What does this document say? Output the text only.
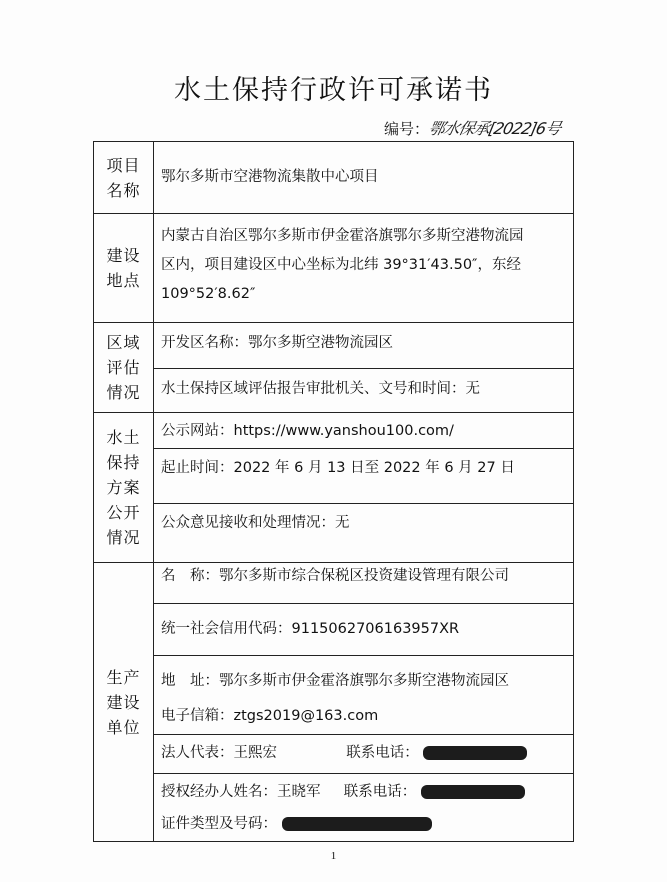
水土保持行政许可承诺书
编号：鄂水保承[2022]6号
项目
名称
鄂尔多斯市空港物流集散中心项目
建设
地点
内蒙古自治区鄂尔多斯市伊金霍洛旗鄂尔多斯空港物流园
区内，项目建设区中心坐标为北纬 39°31′43.50″，东经
109°52′8.62″
区域
评估
情况
开发区名称：鄂尔多斯空港物流园区
水土保持区域评估报告审批机关、文号和时间：无
水土
保持
方案
公开
情况
公示网站：https://www.yanshou100.com/
起止时间：2022 年 6 月 13 日至 2022 年 6 月 27 日
公众意见接收和处理情况：无
生产
建设
单位
名　称：鄂尔多斯市综合保税区投资建设管理有限公司
统一社会信用代码：9115062706163957XR
地　址：鄂尔多斯市伊金霍洛旗鄂尔多斯空港物流园区
电子信箱：ztgs2019@163.com
法人代表：王熙宏	联系电话：
授权经办人姓名：王晓军 联系电话：
证件类型及号码：
1
